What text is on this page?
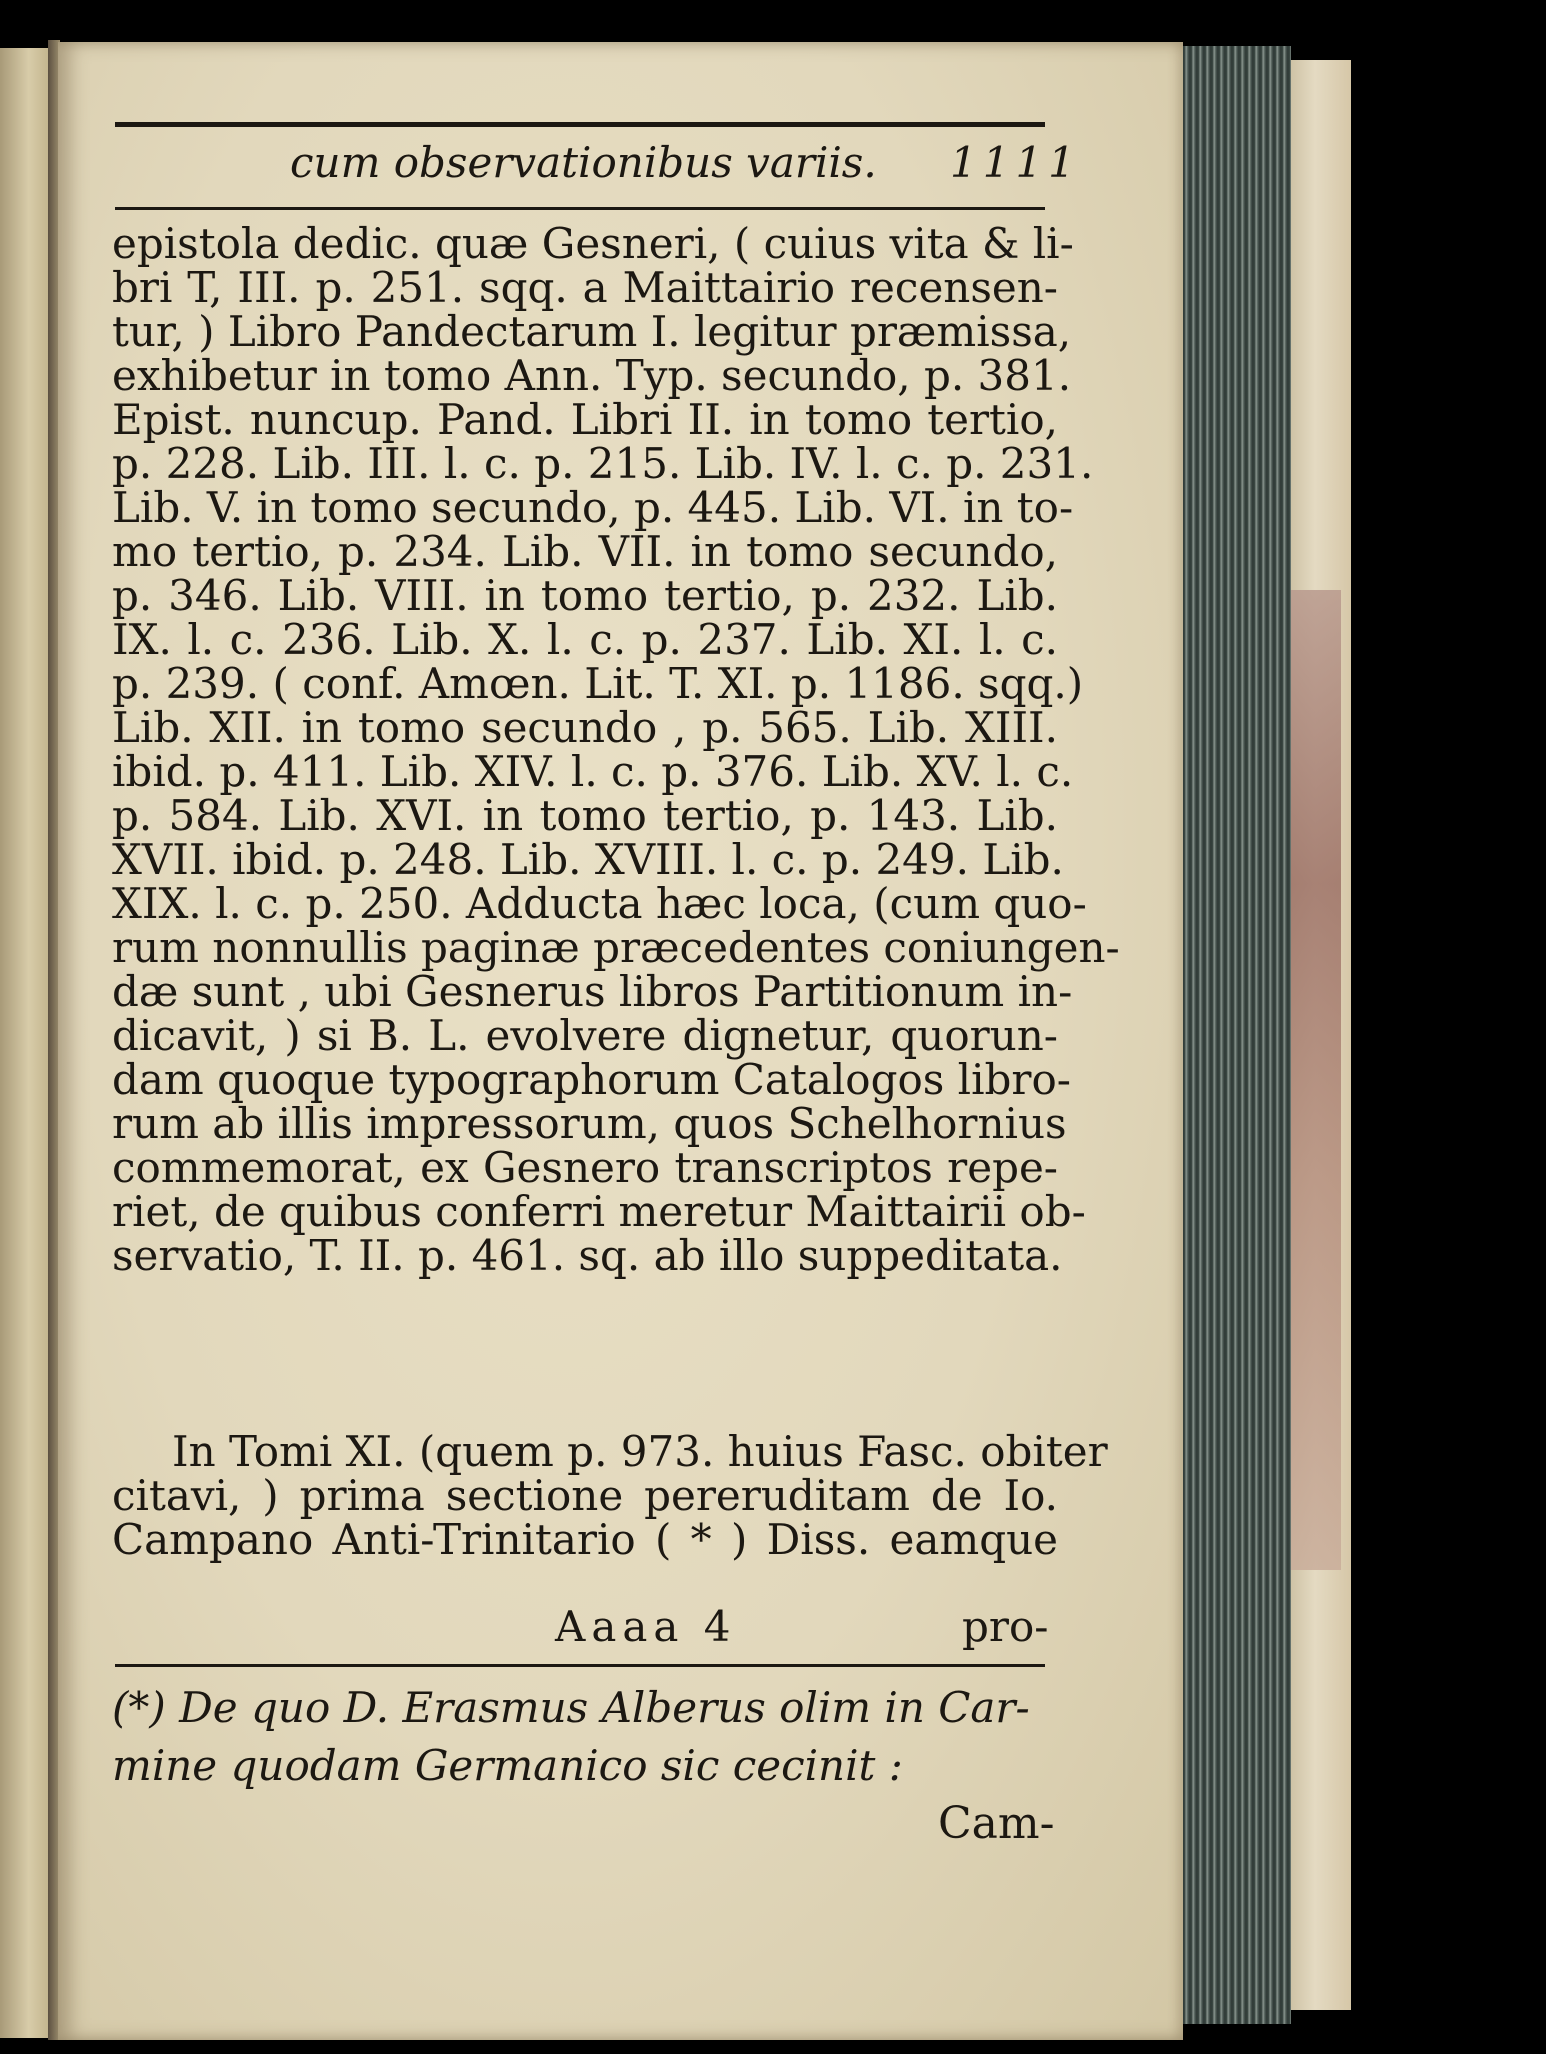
cum observationibus variis. 1111
epistola dedic. quæ Gesneri, ( cuius vita & li-
bri T, III. p. 251. sqq. a Maittairio recensen-
tur, ) Libro Pandectarum I. legitur præmissa,
exhibetur in tomo Ann. Typ. secundo, p. 381.
Epist. nuncup. Pand. Libri II. in tomo tertio,
p. 228. Lib. III. l. c. p. 215. Lib. IV. l. c. p. 231.
Lib. V. in tomo secundo, p. 445. Lib. VI. in to-
mo tertio, p. 234. Lib. VII. in tomo secundo,
p. 346. Lib. VIII. in tomo tertio, p. 232. Lib.
IX. l. c. 236. Lib. X. l. c. p. 237. Lib. XI. l. c.
p. 239. ( conf. Amœn. Lit. T. XI. p. 1186. sqq.)
Lib. XII. in tomo secundo , p. 565. Lib. XIII.
ibid. p. 411. Lib. XIV. l. c. p. 376. Lib. XV. l. c.
p. 584. Lib. XVI. in tomo tertio, p. 143. Lib.
XVII. ibid. p. 248. Lib. XVIII. l. c. p. 249. Lib.
XIX. l. c. p. 250. Adducta hæc loca, (cum quo-
rum nonnullis paginæ præcedentes coniungen-
dæ sunt , ubi Gesnerus libros Partitionum in-
dicavit, ) si B. L. evolvere dignetur, quorun-
dam quoque typographorum Catalogos libro-
rum ab illis impressorum, quos Schelhornius
commemorat, ex Gesnero transcriptos repe-
riet, de quibus conferri meretur Maittairii ob-
servatio, T. II. p. 461. sq. ab illo suppeditata.
In Tomi XI. (quem p. 973. huius Fasc. obiter
citavi, ) prima sectione pereruditam de Io.
Campano Anti-Trinitario ( * ) Diss. eamque
Aaaa 4	pro-
(*) De quo D. Erasmus Alberus olim in Car-
mine quodam Germanico sic cecinit :
Cam-
